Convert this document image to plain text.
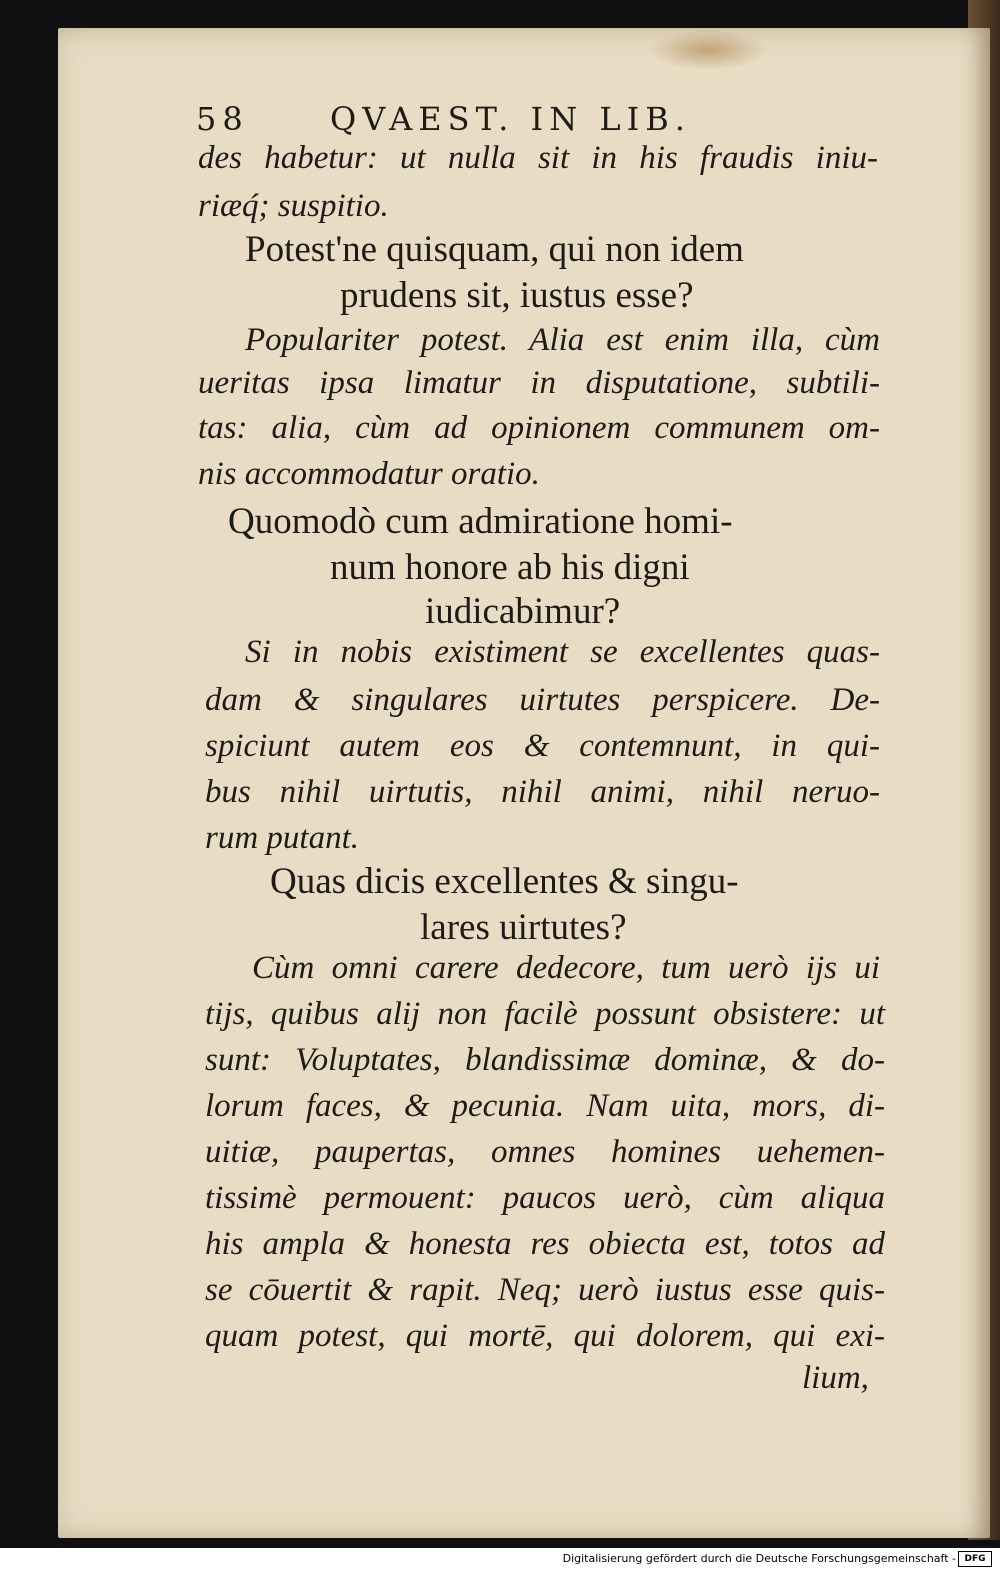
58	QVAEST. IN LIB.
des habetur: ut nulla sit in his fraudis iniu-
riæq́; suspitio.
Potest'ne quisquam, qui non idem
prudens sit, iustus esse?
Populariter potest. Alia est enim illa, cùm
ueritas ipsa limatur in disputatione, subtili-
tas: alia, cùm ad opinionem communem om-
nis accommodatur oratio.
Quomodò cum admiratione homi-
num honore ab his digni
iudicabimur?
Si in nobis existiment se excellentes quas-
dam & singulares uirtutes perspicere. De-
spiciunt autem eos & contemnunt, in qui-
bus nihil uirtutis, nihil animi, nihil neruo-
rum putant.
Quas dicis excellentes & singu-
lares uirtutes?
Cùm omni carere dedecore, tum uerò ijs ui
tijs, quibus alij non facilè possunt obsistere: ut
sunt: Voluptates, blandissimæ dominæ, & do-
lorum faces, & pecunia. Nam uita, mors, di-
uitiæ, paupertas, omnes homines uehemen-
tissimè permouent: paucos uerò, cùm aliqua
his ampla & honesta res obiecta est, totos ad
se cōuertit & rapit. Neq; uerò iustus esse quis-
quam potest, qui mortē, qui dolorem, qui exi-
lium,
Digitalisierung gefördert durch die Deutsche Forschungsgemeinschaft - DFG
